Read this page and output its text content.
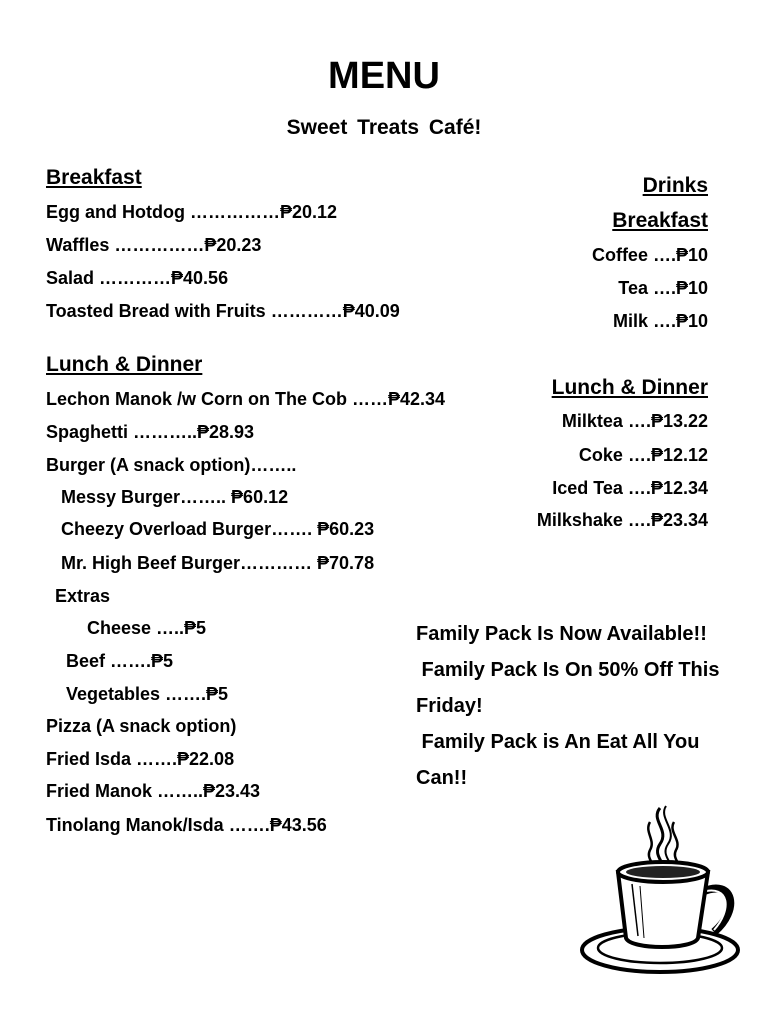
MENU
Sweet Treats Café!
Breakfast
Egg and Hotdog ……………₱20.12
Waffles ……………₱20.23
Salad …………₱40.56
Toasted Bread with Fruits …………₱40.09
Lunch & Dinner
Lechon Manok /w Corn on The Cob ……₱42.34
Spaghetti ………..₱28.93
Burger (A snack option)……..
Messy Burger…….. ₱60.12
Cheezy Overload Burger……. ₱60.23
Mr. High Beef Burger………… ₱70.78
Extras
Cheese …..₱5
Beef …….₱5
Vegetables …….₱5
Pizza (A snack option)
Fried Isda …….₱22.08
Fried Manok ……..₱23.43
Tinolang Manok/Isda …….₱43.56
Drinks
Breakfast
Coffee ….₱10
Tea ….₱10
Milk ….₱10
Lunch & Dinner
Milktea ….₱13.22
Coke ….₱12.12
Iced Tea ….₱12.34
Milkshake ….₱23.34
Family Pack Is Now Available!!
Family Pack Is On 50% Off This
Friday!
Family Pack is An Eat All You
Can!!
